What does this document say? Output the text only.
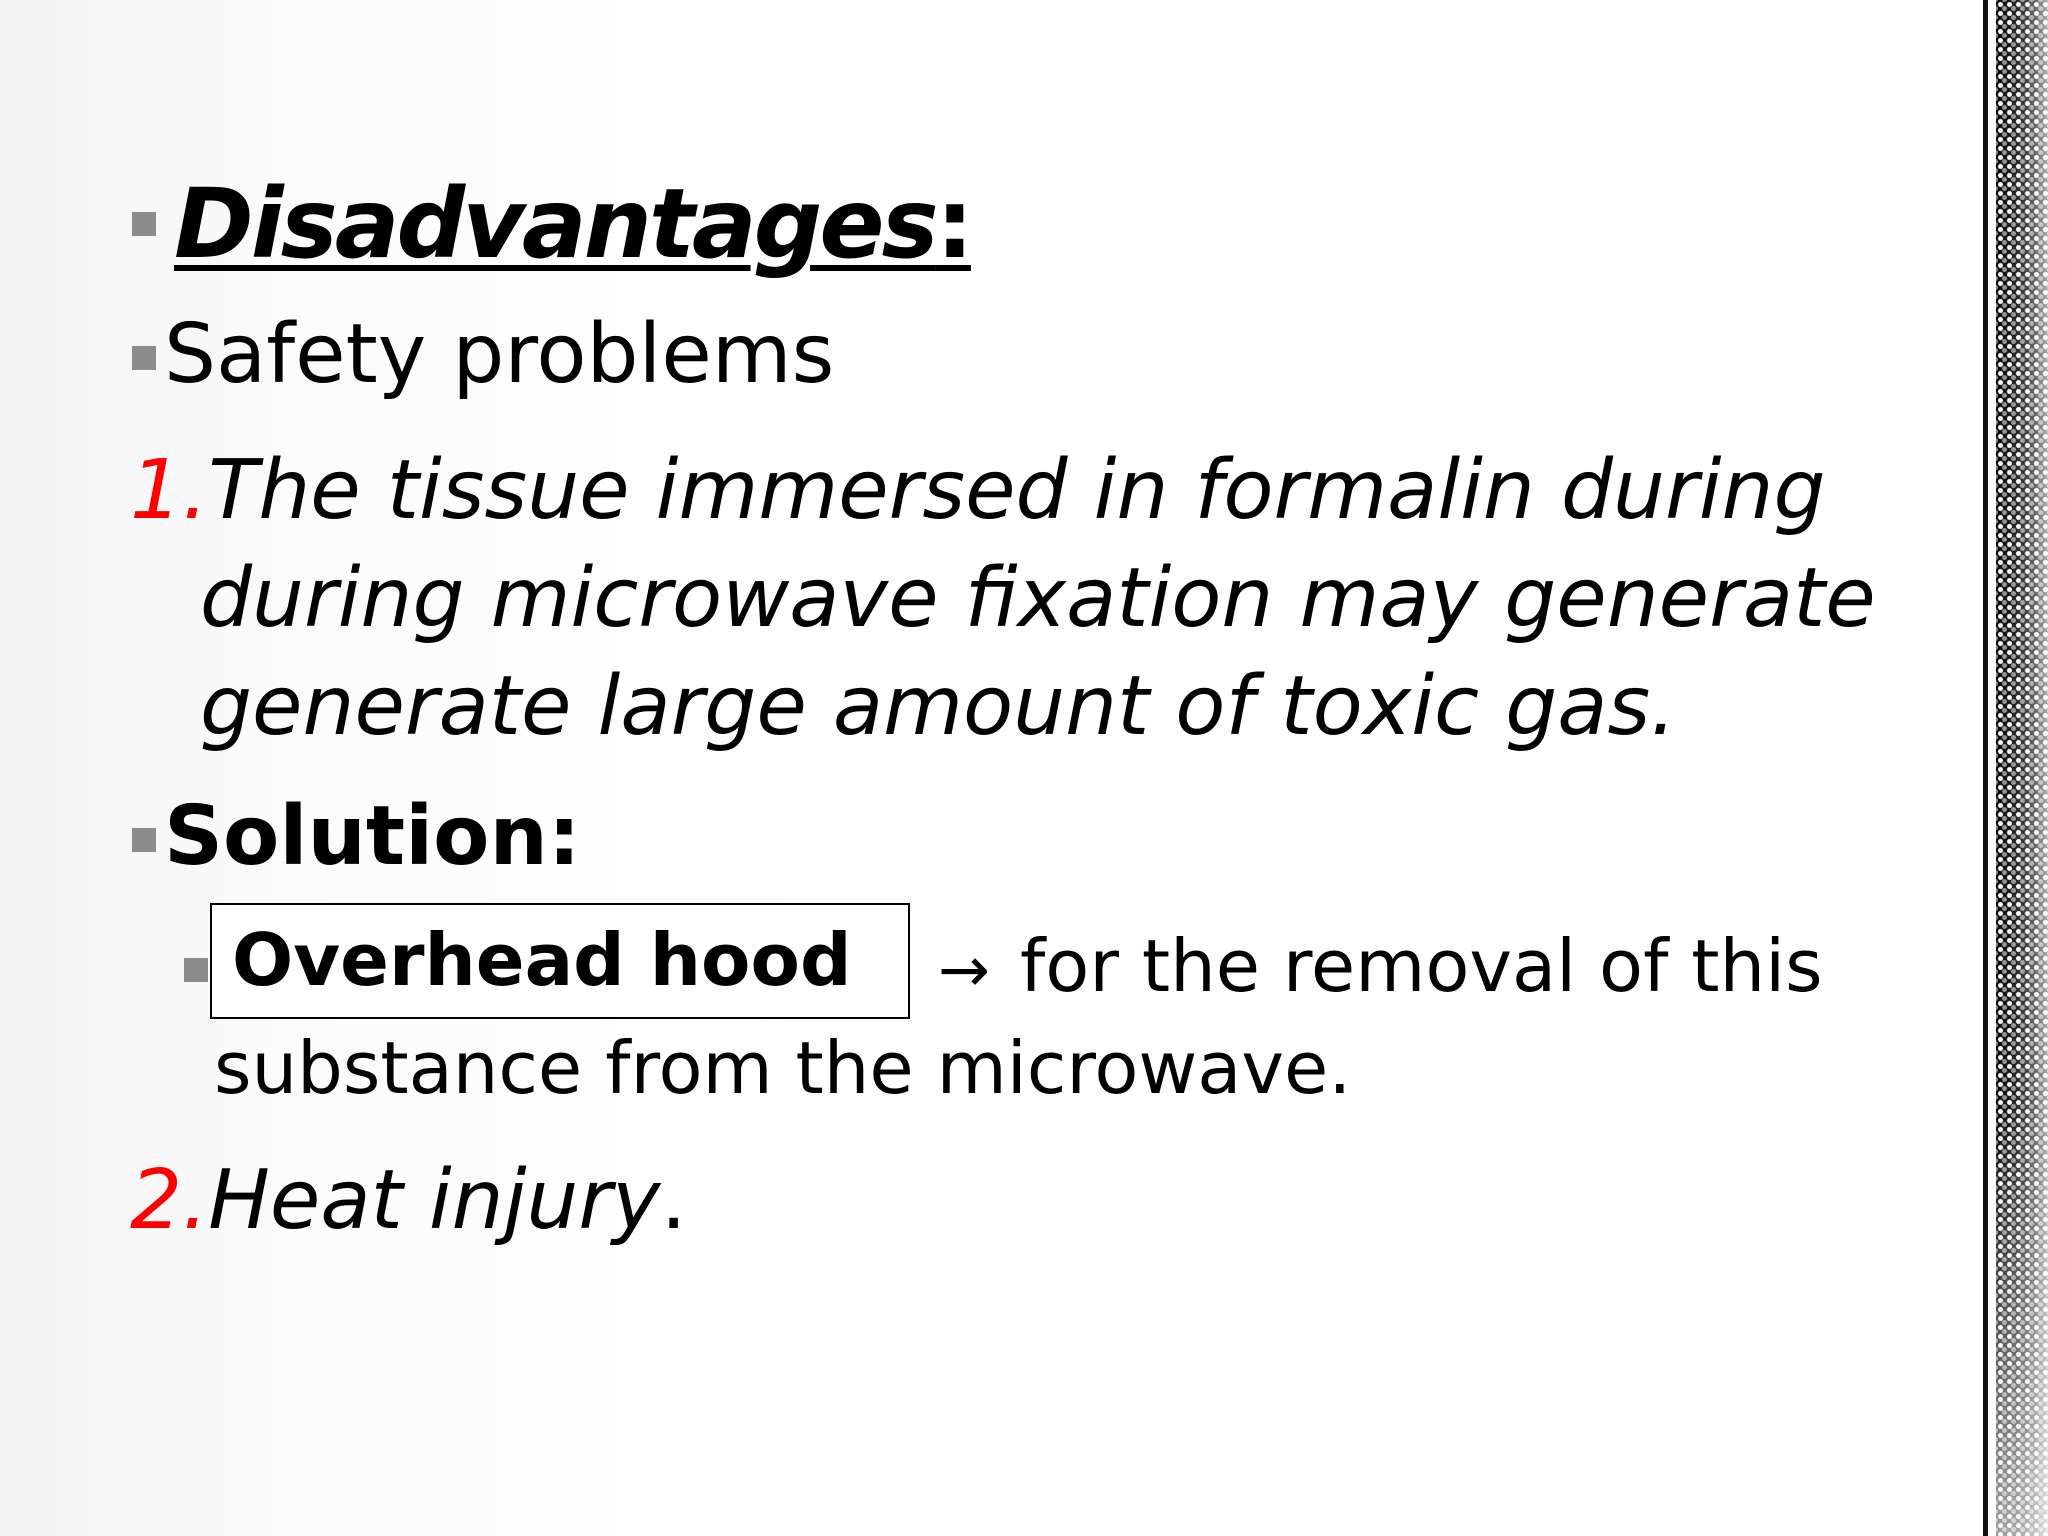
Disadvantages:
Safety problems
1.The tissue immersed in formalin during
during microwave fixation may generate
generate large amount of toxic gas.
Solution:
Overhead hood → for the removal of this
substance from the microwave.
2.Heat injury.
